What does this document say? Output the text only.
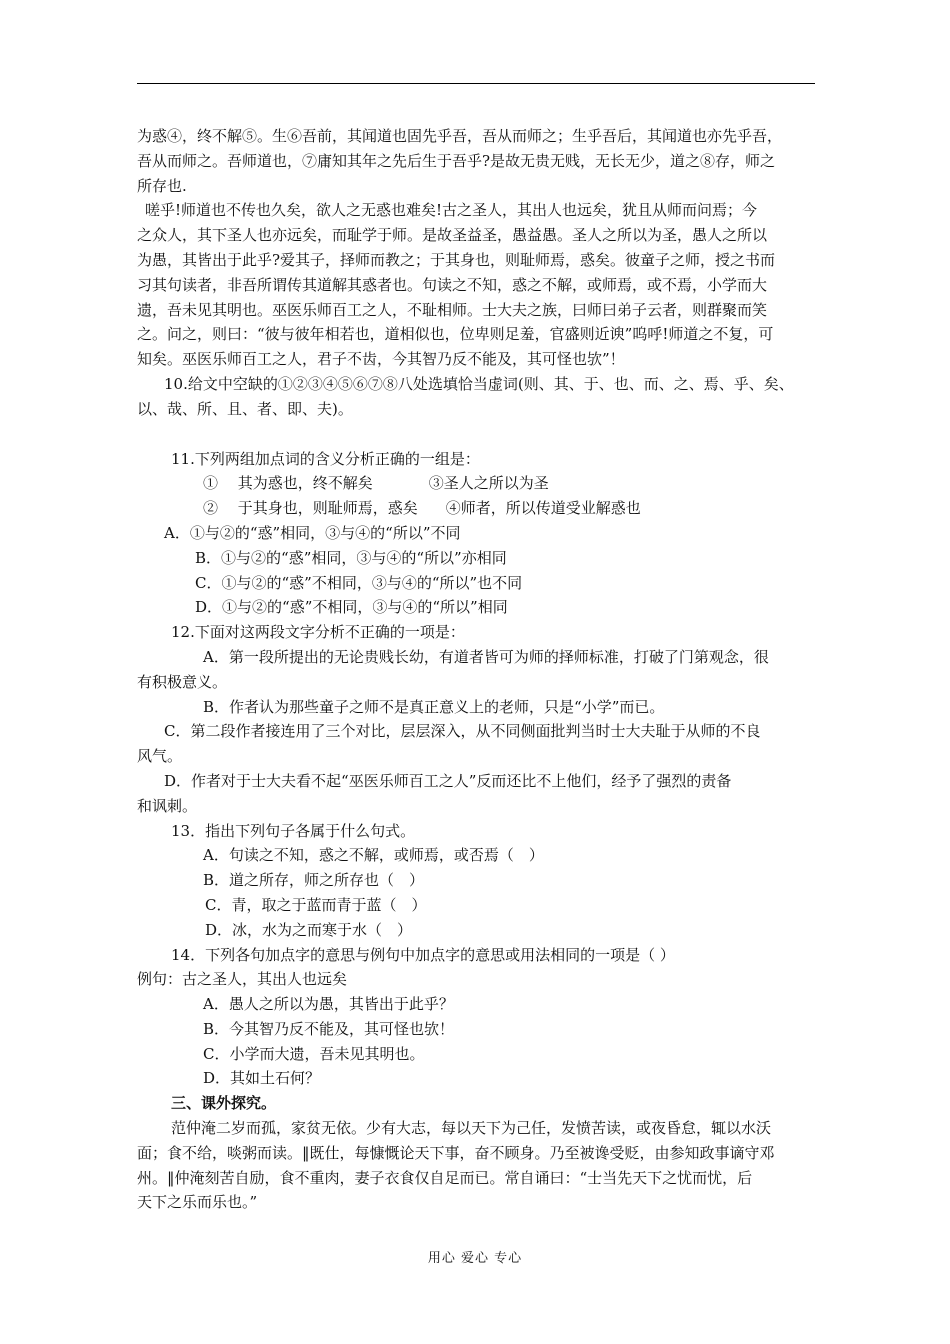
为惑④，终不解⑤。生⑥吾前，其闻道也固先乎吾，吾从而师之；生乎吾后，其闻道也亦先乎吾，
吾从而师之。吾师道也，⑦庸知其年之先后生于吾乎?是故无贵无贱，无长无少，道之⑧存，师之
所存也.
嗟乎!师道也不传也久矣，欲人之无惑也难矣!古之圣人，其出人也远矣，犹且从师而问焉；今
之众人，其下圣人也亦远矣，而耻学于师。是故圣益圣，愚益愚。圣人之所以为圣，愚人之所以
为愚，其皆出于此乎?爱其子，择师而教之；于其身也，则耻师焉，惑矣。彼童子之师，授之书而
习其句读者，非吾所谓传其道解其惑者也。句读之不知，惑之不解，或师焉，或不焉，小学而大
遗，吾未见其明也。巫医乐师百工之人，不耻相师。士大夫之族，曰师曰弟子云者，则群聚而笑
之。问之，则曰：“彼与彼年相若也，道相似也，位卑则足羞，官盛则近谀”呜呼!师道之不复，可
知矣。巫医乐师百工之人，君子不齿，今其智乃反不能及，其可怪也欤”！
10.给文中空缺的①②③④⑤⑥⑦⑧八处选填恰当虚词(则、其、于、也、而、之、焉、乎、矣、
以、哉、所、且、者、即、夫)。
11.下列两组加点词的含义分析正确的一组是：
①　 其为惑也，终不解矣	③圣人之所以为圣
②　 于其身也，则耻师焉，惑矣 ④师者，所以传道受业解惑也
A．①与②的“惑”相同，③与④的“所以”不同
B．①与②的“惑”相同，③与④的“所以”亦相同
C．①与②的“惑”不相同，③与④的“所以”也不同
D．①与②的“惑”不相同，③与④的“所以”相同
12.下面对这两段文字分析不正确的一项是：
A．第一段所提出的无论贵贱长幼，有道者皆可为师的择师标准，打破了门第观念，很
有积极意义。
B．作者认为那些童子之师不是真正意义上的老师，只是“小学”而已。
C．第二段作者接连用了三个对比，层层深入，从不同侧面批判当时士大夫耻于从师的不良
风气。
D．作者对于士大夫看不起“巫医乐师百工之人”反而还比不上他们，经予了强烈的责备
和讽刺。
13．指出下列句子各属于什么句式。
A．句读之不知，惑之不解，或师焉，或否焉（　）
B．道之所存，师之所存也（　）
C．青，取之于蓝而青于蓝（　）
D．冰，水为之而寒于水（　）
14．下列各句加点字的意思与例句中加点字的意思或用法相同的一项是（ ）
例句：古之圣人，其出人也远矣
A．愚人之所以为愚，其皆出于此乎？
B．今其智乃反不能及，其可怪也欤！
C．小学而大遗，吾未见其明也。
D．其如土石何？
三、课外探究。
范仲淹二岁而孤，家贫无依。少有大志，每以天下为己任，发愤苦读，或夜昏怠，辄以水沃
面；食不给，啖粥而读。‖既仕，每慷慨论天下事，奋不顾身。乃至被谗受贬，由参知政事谪守邓
州。‖仲淹刻苦自励，食不重肉，妻子衣食仅自足而已。常自诵曰：“士当先天下之忧而忧，后
天下之乐而乐也。”
用心 爱心 专心
